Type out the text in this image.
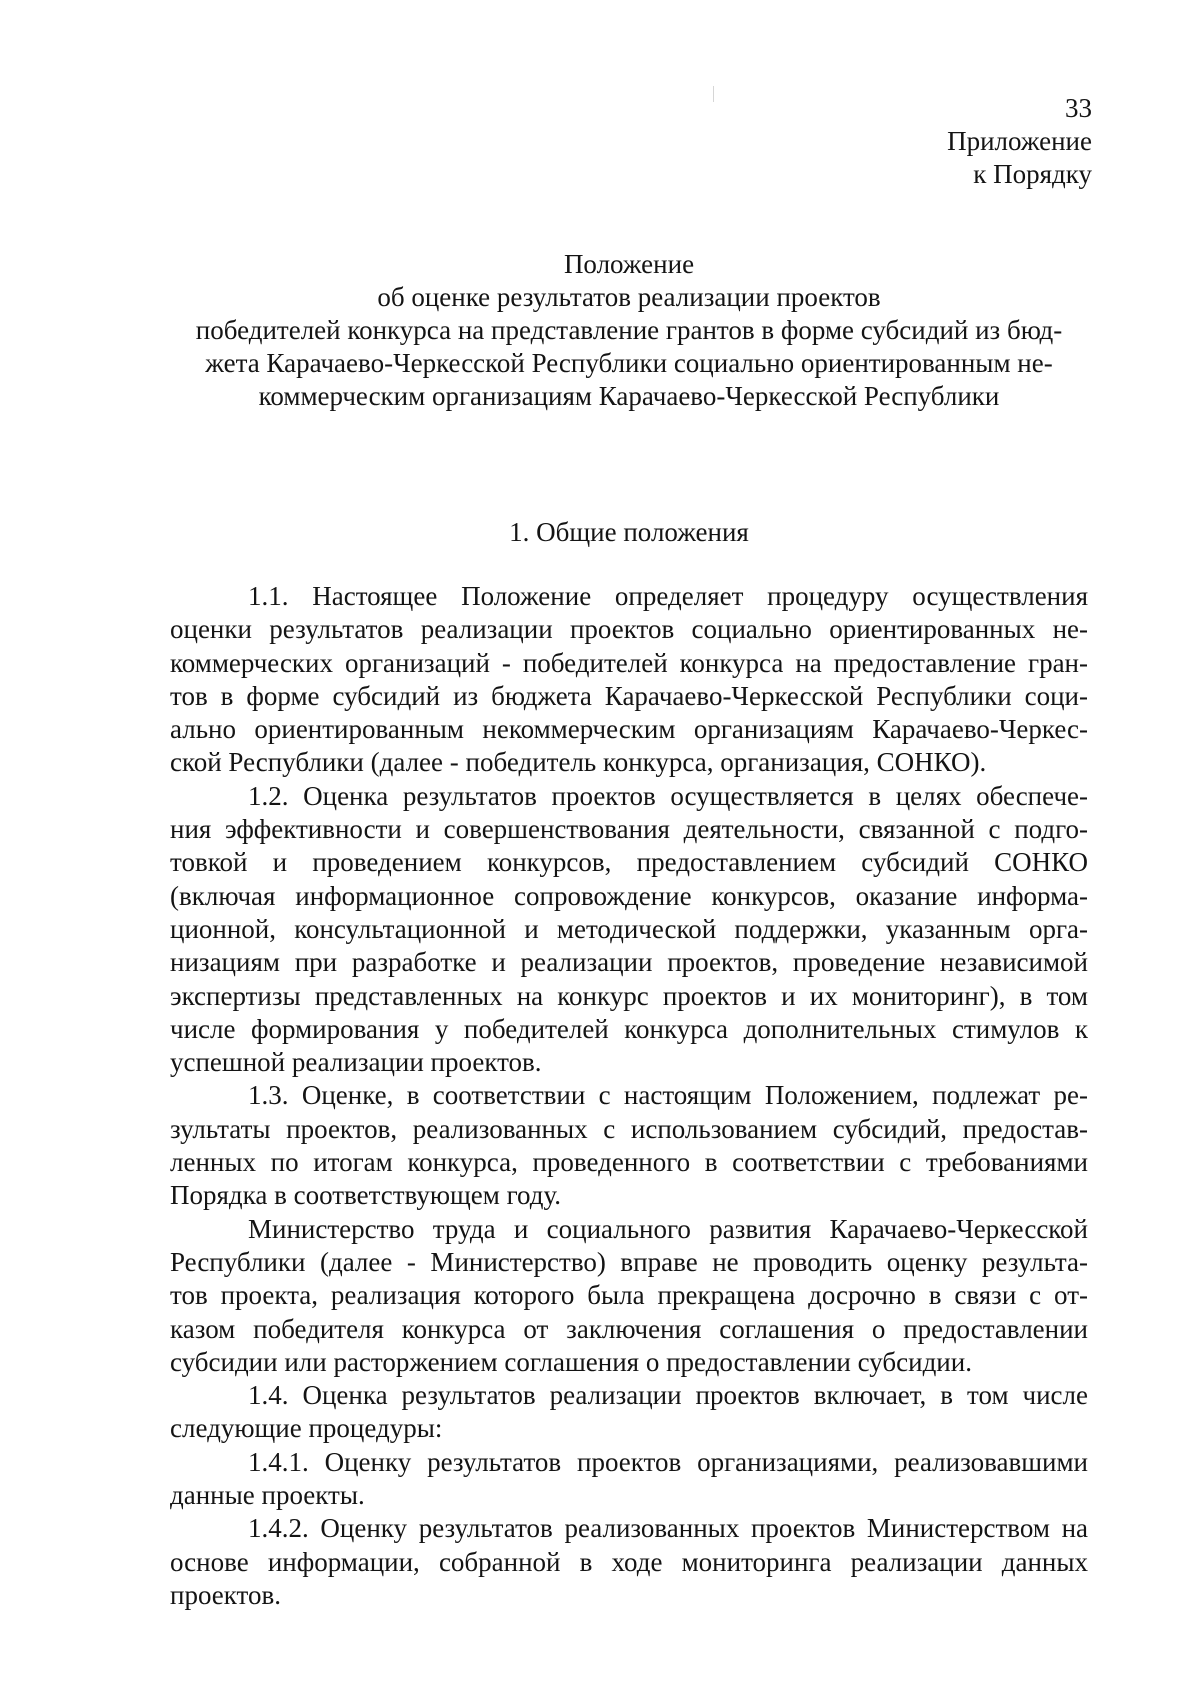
33
Приложение
к Порядку
Положение
об оценке результатов реализации проектов
победителей конкурса на представление грантов в форме субсидий из бюд-
жета Карачаево-Черкесской Республики социально ориентированным не-
коммерческим организациям Карачаево-Черкесской Республики
1. Общие положения
1.1. Настоящее Положение определяет процедуру осуществления
оценки результатов реализации проектов социально ориентированных не-
коммерческих организаций - победителей конкурса на предоставление гран-
тов в форме субсидий из бюджета Карачаево-Черкесской Республики соци-
ально ориентированным некоммерческим организациям Карачаево-Черкес-
ской Республики (далее - победитель конкурса, организация, СОНКО).
1.2. Оценка результатов проектов осуществляется в целях обеспече-
ния эффективности и совершенствования деятельности, связанной с подго-
товкой и проведением конкурсов, предоставлением субсидий СОНКО
(включая информационное сопровождение конкурсов, оказание информа-
ционной, консультационной и методической поддержки, указанным орга-
низациям при разработке и реализации проектов, проведение независимой
экспертизы представленных на конкурс проектов и их мониторинг), в том
числе формирования у победителей конкурса дополнительных стимулов к
успешной реализации проектов.
1.3. Оценке, в соответствии с настоящим Положением, подлежат ре-
зультаты проектов, реализованных с использованием субсидий, предостав-
ленных по итогам конкурса, проведенного в соответствии с требованиями
Порядка в соответствующем году.
Министерство труда и социального развития Карачаево-Черкесской
Республики (далее - Министерство) вправе не проводить оценку результа-
тов проекта, реализация которого была прекращена досрочно в связи с от-
казом победителя конкурса от заключения соглашения о предоставлении
субсидии или расторжением соглашения о предоставлении субсидии.
1.4. Оценка результатов реализации проектов включает, в том числе
следующие процедуры:
1.4.1. Оценку результатов проектов организациями, реализовавшими
данные проекты.
1.4.2. Оценку результатов реализованных проектов Министерством на
основе информации, собранной в ходе мониторинга реализации данных
проектов.
